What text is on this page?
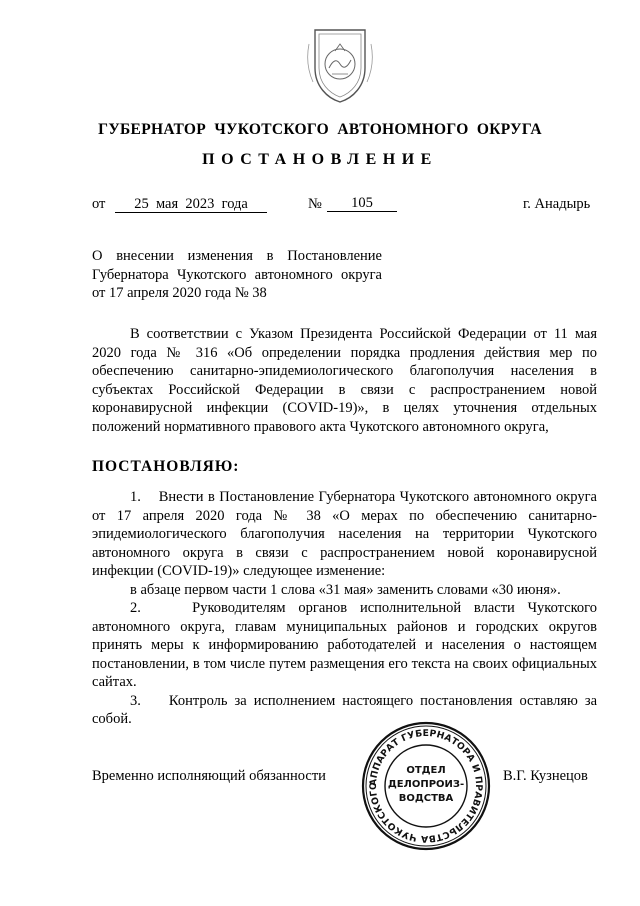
ГУБЕРНАТОР  ЧУКОТСКОГО  АВТОНОМНОГО  ОКРУГА
ПОСТАНОВЛЕНИЕ
от 25  мая  2023  года	№	105	г. Анадырь
О внесении изменения в Постановление
Губернатора Чукотского автономного округа
от 17 апреля 2020 года № 38
В соответствии с Указом Президента Российской Федерации от 11 мая 2020 года № 316 «Об определении порядка продления действия мер по обеспечению санитарно-эпидемиологического благополучия населения в субъектах Российской Федерации в связи с распространением новой коронавирусной инфекции (COVID-19)», в целях уточнения отдельных положений нормативного правового акта Чукотского автономного округа,
ПОСТАНОВЛЯЮ:

1.    Внести в Постановление Губернатора Чукотского автономного округа от 17 апреля 2020 года № 38 «О мерах по обеспечению санитарно-эпидемиологического благополучия населения на территории Чукотского автономного округа в связи с распространением новой коронавирусной инфекции (COVID-19)» следующее изменение:

в абзаце первом части 1 слова «31 мая» заменить словами «30 июня».

2.    Руководителям органов исполнительной власти Чукотского автономного округа, главам муниципальных районов и городских округов принять меры к информированию работодателей и населения о настоящем постановлении, в том числе путем размещения его текста на своих официальных сайтах.

3.    Контроль за исполнением настоящего постановления оставляю за собой.

Временно исполняющий обязанности	В.Г. Кузнецов
АППАРАТ ГУБЕРНАТОРА И ПРАВИТЕЛЬСТВА ЧУКОТСКОГО
ОТДЕЛ
ДЕЛОПРОИЗ-
ВОДСТВА
